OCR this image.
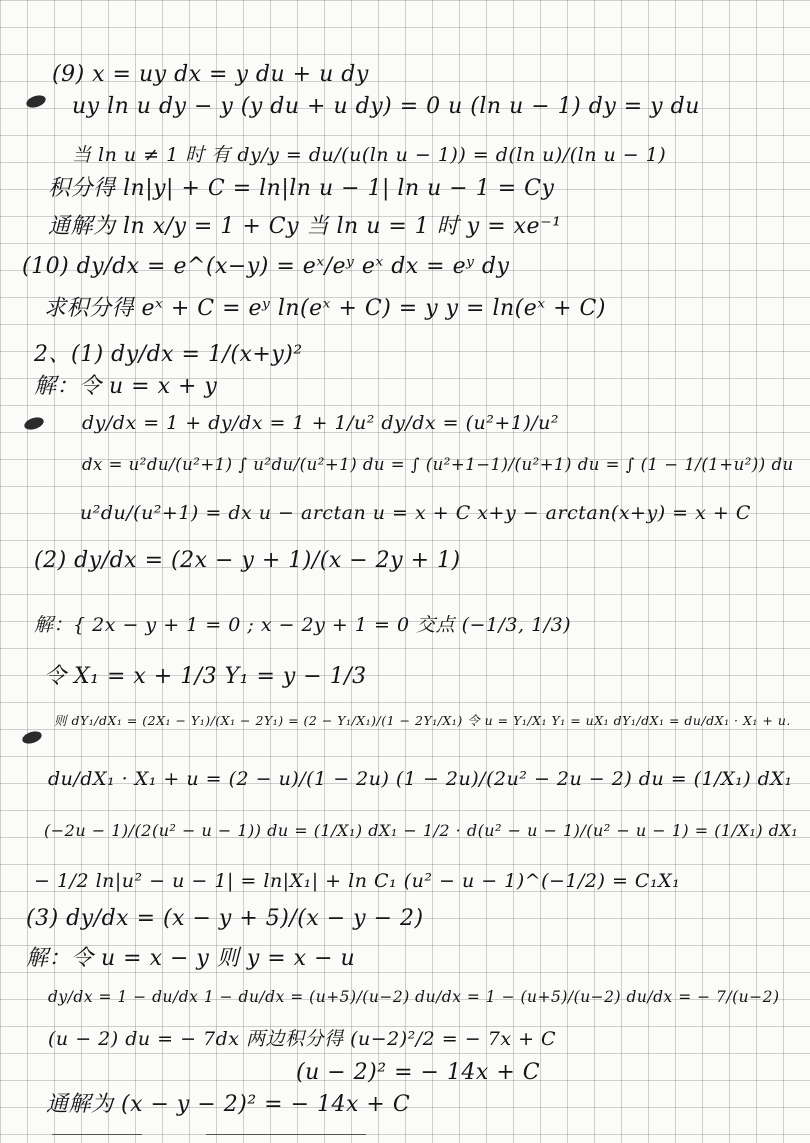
(9) x = uy dx = y du + u dy
uy ln u dy − y (y du + u dy) = 0 u (ln u − 1) dy = y du
当 ln u ≠ 1 时 有 dy/y = du/(u(ln u − 1)) = d(ln u)/(ln u − 1)
积分得 ln|y| + C = ln|ln u − 1| ln u − 1 = Cy
通解为 ln x/y = 1 + Cy 当 ln u = 1 时 y = xe⁻¹
(10) dy/dx = e^(x−y) = eˣ/eʸ eˣ dx = eʸ dy
求积分得 eˣ + C = eʸ ln(eˣ + C) = y y = ln(eˣ + C)
2、(1) dy/dx = 1/(x+y)²
解：令 u = x + y
dy/dx = 1 + dy/dx = 1 + 1/u² dy/dx = (u²+1)/u²
dx = u²du/(u²+1) ∫ u²du/(u²+1) du = ∫ (u²+1−1)/(u²+1) du = ∫ (1 − 1/(1+u²)) du
u²du/(u²+1) = dx u − arctan u = x + C x+y − arctan(x+y) = x + C
(2) dy/dx = (2x − y + 1)/(x − 2y + 1)
解：{ 2x − y + 1 = 0 ; x − 2y + 1 = 0 交点 (−1/3, 1/3)
令 X₁ = x + 1/3 Y₁ = y − 1/3
则 dY₁/dX₁ = (2X₁ − Y₁)/(X₁ − 2Y₁) = (2 − Y₁/X₁)/(1 − 2Y₁/X₁) 令 u = Y₁/X₁ Y₁ = uX₁ dY₁/dX₁ = du/dX₁ · X₁ + u.
du/dX₁ · X₁ + u = (2 − u)/(1 − 2u) (1 − 2u)/(2u² − 2u − 2) du = (1/X₁) dX₁
(−2u − 1)/(2(u² − u − 1)) du = (1/X₁) dX₁ − 1/2 · d(u² − u − 1)/(u² − u − 1) = (1/X₁) dX₁
− 1/2 ln|u² − u − 1| = ln|X₁| + ln C₁ (u² − u − 1)^(−1/2) = C₁X₁
(3) dy/dx = (x − y + 5)/(x − y − 2)
解：令 u = x − y 则 y = x − u
dy/dx = 1 − du/dx 1 − du/dx = (u+5)/(u−2) du/dx = 1 − (u+5)/(u−2) du/dx = − 7/(u−2)
(u − 2) du = − 7dx 两边积分得 (u−2)²/2 = − 7x + C
(u − 2)² = − 14x + C
通解为 (x − y − 2)² = − 14x + C
